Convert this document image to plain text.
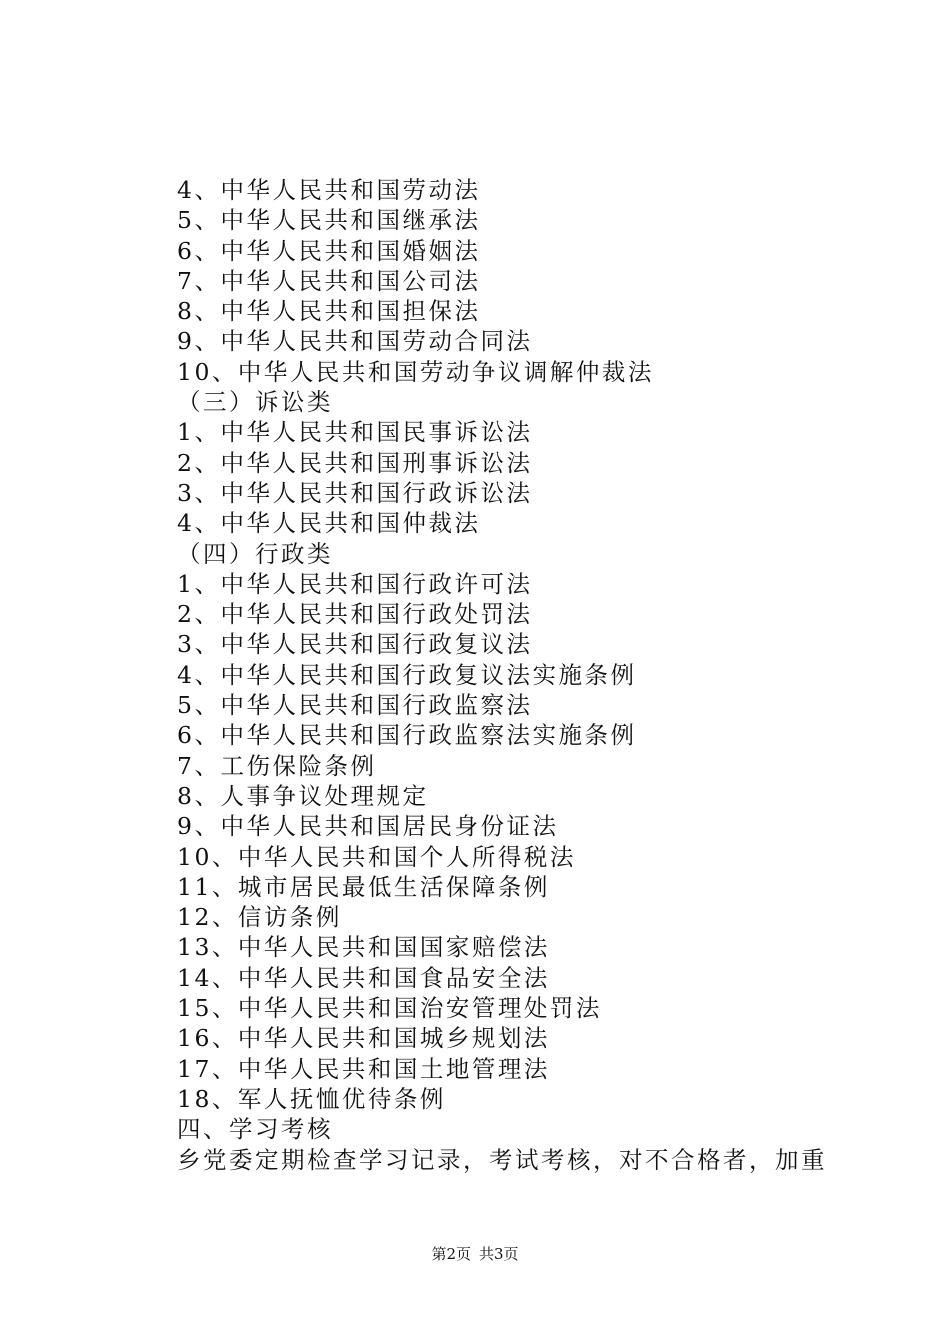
4、中华人民共和国劳动法
5、中华人民共和国继承法
6、中华人民共和国婚姻法
7、中华人民共和国公司法
8、中华人民共和国担保法
9、中华人民共和国劳动合同法
10、中华人民共和国劳动争议调解仲裁法
（三）诉讼类
1、中华人民共和国民事诉讼法
2、中华人民共和国刑事诉讼法
3、中华人民共和国行政诉讼法
4、中华人民共和国仲裁法
（四）行政类
1、中华人民共和国行政许可法
2、中华人民共和国行政处罚法
3、中华人民共和国行政复议法
4、中华人民共和国行政复议法实施条例
5、中华人民共和国行政监察法
6、中华人民共和国行政监察法实施条例
7、工伤保险条例
8、人事争议处理规定
9、中华人民共和国居民身份证法
10、中华人民共和国个人所得税法
11、城市居民最低生活保障条例
12、信访条例
13、中华人民共和国国家赔偿法
14、中华人民共和国食品安全法
15、中华人民共和国治安管理处罚法
16、中华人民共和国城乡规划法
17、中华人民共和国土地管理法
18、军人抚恤优待条例
四、学习考核
乡党委定期检查学习记录，考试考核，对不合格者，加重
第2页 共3页
